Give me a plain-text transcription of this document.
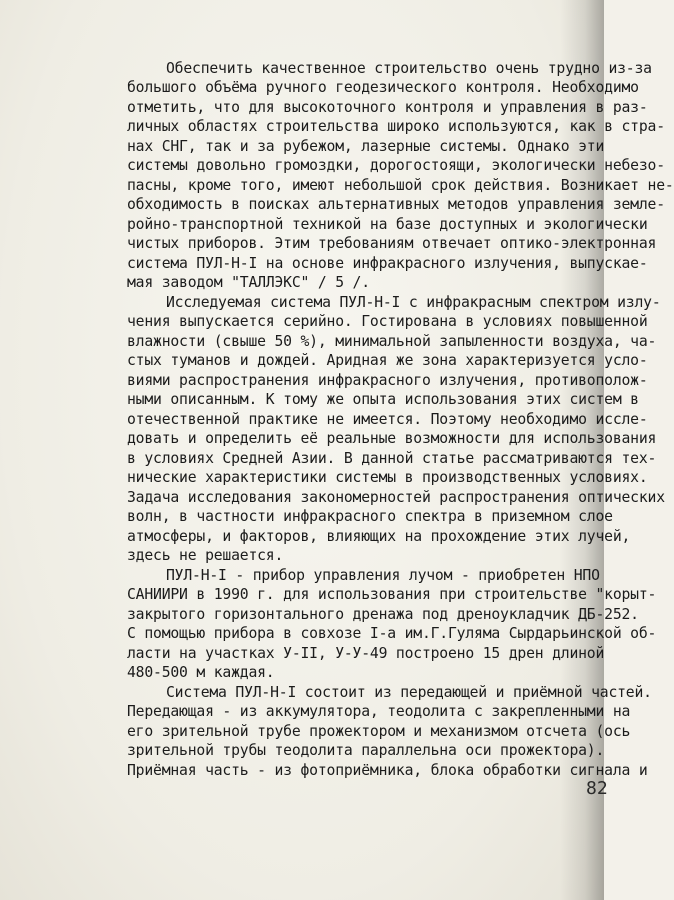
Обеспечить качественное строительство очень трудно из-за
большого объёма ручного геодезического контроля. Необходимо
отметить, что для высокоточного контроля и управления в раз-
личных областях строительства широко используются, как в стра-
нах СНГ, так и за рубежом, лазерные системы. Однако эти
системы довольно громоздки, дорогостоящи, экологически небезо-
пасны, кроме того, имеют небольшой срок действия. Возникает не-
обходимость в поисках альтернативных методов управления земле-
ройно-транспортной техникой на базе доступных и экологически
чистых приборов. Этим требованиям отвечает оптико-электронная
система ПУЛ-Н-I на основе инфракрасного излучения, выпускае-
мая заводом "ТАЛЛЭКС" / 5 /.
Исследуемая система ПУЛ-Н-I с инфракрасным спектром излу-
чения выпускается серийно. Гостирована в условиях повышенной
влажности (свыше 50 %), минимальной запыленности воздуха, ча-
стых туманов и дождей. Аридная же зона характеризуется усло-
виями распространения инфракрасного излучения, противополож-
ными описанным. К тому же опыта использования этих систем в
отечественной практике не имеется. Поэтому необходимо иссле-
довать и определить её реальные возможности для использования
в условиях Средней Азии. В данной статье рассматриваются тех-
нические характеристики системы в производственных условиях.
Задача исследования закономерностей распространения оптических
волн, в частности инфракрасного спектра в приземном слое
атмосферы, и факторов, влияющих на прохождение этих лучей,
здесь не решается.
ПУЛ-Н-I - прибор управления лучом - приобретен НПО
САНИИРИ в 1990 г. для использования при строительстве "корыт-
закрытого горизонтального дренажа под дреноукладчик ДБ-252.
С помощью прибора в совхозе I-а им.Г.Гуляма Сырдарьинской об-
ласти на участках У-II, У-У-49 построено 15 дрен длиной
480-500 м каждая.
Система ПУЛ-Н-I состоит из передающей и приёмной частей.
Передающая - из аккумулятора, теодолита с закрепленными на
его зрительной трубе прожектором и механизмом отсчета (ось
зрительной трубы теодолита параллельна оси прожектора).
Приёмная часть - из фотоприёмника, блока обработки сигнала и
82
